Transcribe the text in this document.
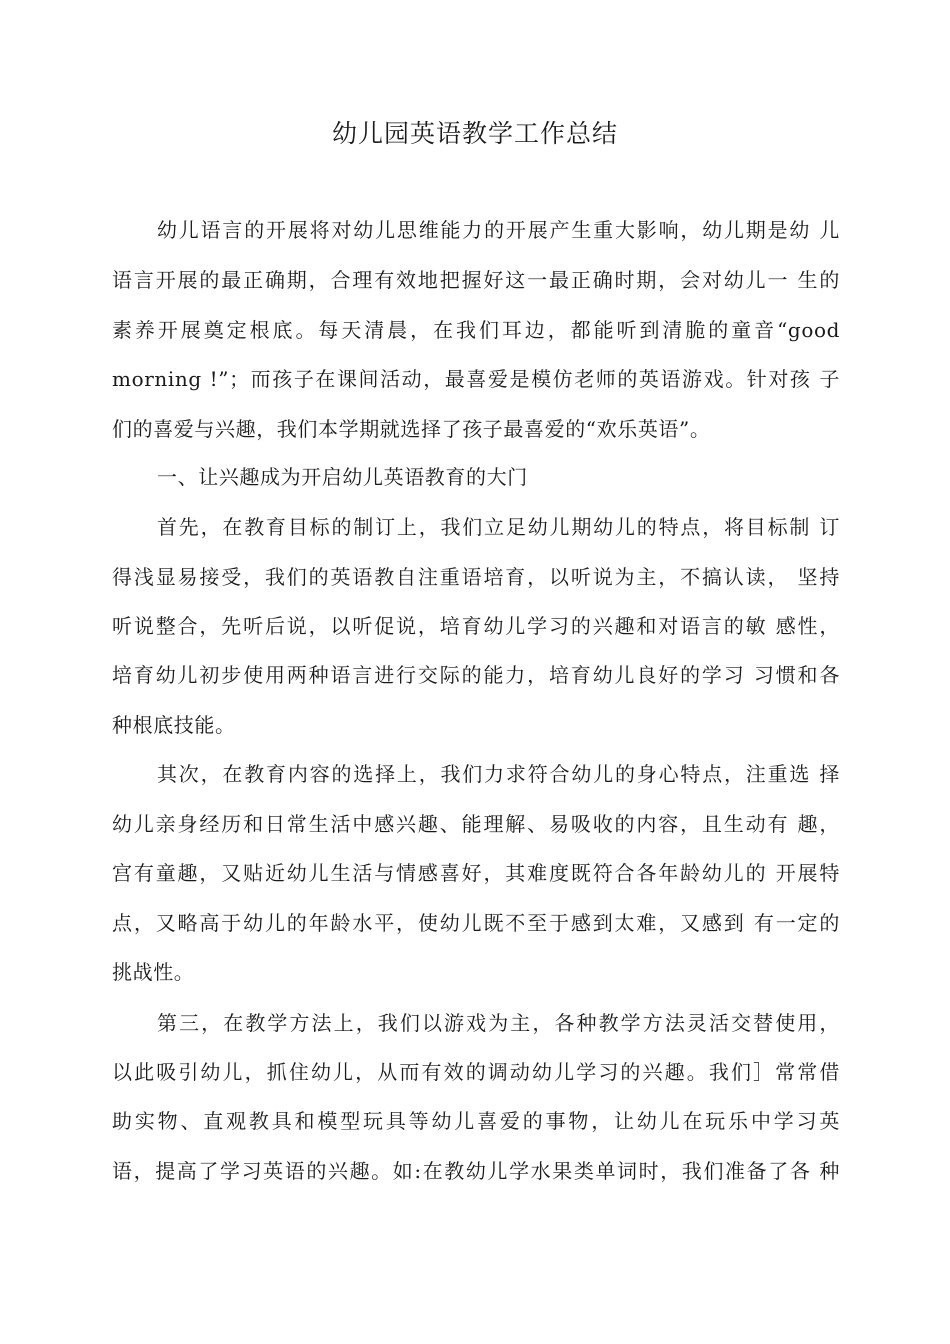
幼儿园英语教学工作总结
幼儿语言的开展将对幼儿思维能力的开展产生重大影响，幼儿期是幼 儿
语言开展的最正确期，合理有效地把握好这一最正确时期，会对幼儿一 生的
素养开展奠定根底。每天清晨，在我们耳边，都能听到清脆的童音“good
morning !”；而孩子在课间活动，最喜爱是模仿老师的英语游戏。针对孩 子
们的喜爱与兴趣，我们本学期就选择了孩子最喜爱的“欢乐英语”。
一、让兴趣成为开启幼儿英语教育的大门
首先，在教育目标的制订上，我们立足幼儿期幼儿的特点，将目标制 订
得浅显易接受，我们的英语教自注重语培育，以听说为主，不搞认读， 坚持
听说整合，先听后说，以听促说，培育幼儿学习的兴趣和对语言的敏 感性，
培育幼儿初步使用两种语言进行交际的能力，培育幼儿良好的学习 习惯和各
种根底技能。
其次，在教育内容的选择上，我们力求符合幼儿的身心特点，注重选 择
幼儿亲身经历和日常生活中感兴趣、能理解、易吸收的内容，且生动有 趣，
宫有童趣，又贴近幼儿生活与情感喜好，其难度既符合各年龄幼儿的 开展特
点，又略高于幼儿的年龄水平，使幼儿既不至于感到太难，又感到 有一定的
挑战性。
第三，在教学方法上，我们以游戏为主，各种教学方法灵活交替使用，
以此吸引幼儿，抓住幼儿，从而有效的调动幼儿学习的兴趣。我们］常常借
助实物、直观教具和模型玩具等幼儿喜爱的事物，让幼儿在玩乐中学习英
语，提高了学习英语的兴趣。如:在教幼儿学水果类单词时，我们准备了各 种
